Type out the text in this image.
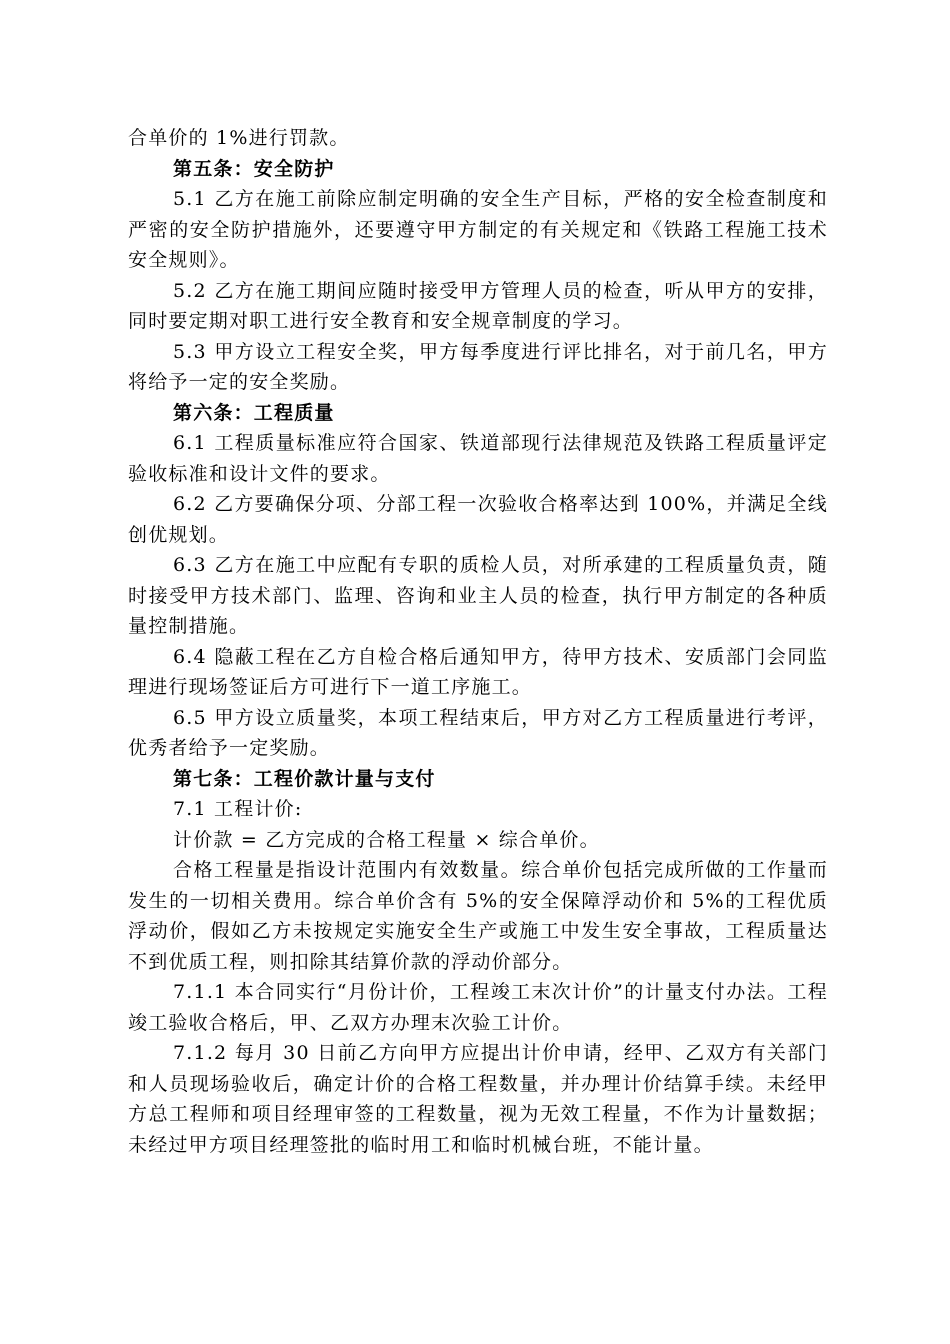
合单价的 1%进行罚款。

第五条：安全防护

5.1 乙方在施工前除应制定明确的安全生产目标，严格的安全检查制度和严密的安全防护措施外，还要遵守甲方制定的有关规定和《铁路工程施工技术安全规则》。

5.2 乙方在施工期间应随时接受甲方管理人员的检查，听从甲方的安排，同时要定期对职工进行安全教育和安全规章制度的学习。

5.3 甲方设立工程安全奖，甲方每季度进行评比排名，对于前几名，甲方将给予一定的安全奖励。

第六条：工程质量

6.1 工程质量标准应符合国家、铁道部现行法律规范及铁路工程质量评定验收标准和设计文件的要求。

6.2 乙方要确保分项、分部工程一次验收合格率达到 100%，并满足全线创优规划。

6.3 乙方在施工中应配有专职的质检人员，对所承建的工程质量负责，随时接受甲方技术部门、监理、咨询和业主人员的检查，执行甲方制定的各种质量控制措施。

6.4 隐蔽工程在乙方自检合格后通知甲方，待甲方技术、安质部门会同监理进行现场签证后方可进行下一道工序施工。

6.5 甲方设立质量奖，本项工程结束后，甲方对乙方工程质量进行考评，优秀者给予一定奖励。

第七条：工程价款计量与支付

7.1 工程计价:

计价款 = 乙方完成的合格工程量 × 综合单价。

合格工程量是指设计范围内有效数量。综合单价包括完成所做的工作量而发生的一切相关费用。综合单价含有 5%的安全保障浮动价和 5%的工程优质浮动价，假如乙方未按规定实施安全生产或施工中发生安全事故，工程质量达不到优质工程，则扣除其结算价款的浮动价部分。

7.1.1 本合同实行“月份计价，工程竣工末次计价”的计量支付办法。工程竣工验收合格后，甲、乙双方办理末次验工计价。

7.1.2 每月 30 日前乙方向甲方应提出计价申请，经甲、乙双方有关部门和人员现场验收后，确定计价的合格工程数量，并办理计价结算手续。未经甲方总工程师和项目经理审签的工程数量，视为无效工程量，不作为计量数据；未经过甲方项目经理签批的临时用工和临时机械台班，不能计量。
